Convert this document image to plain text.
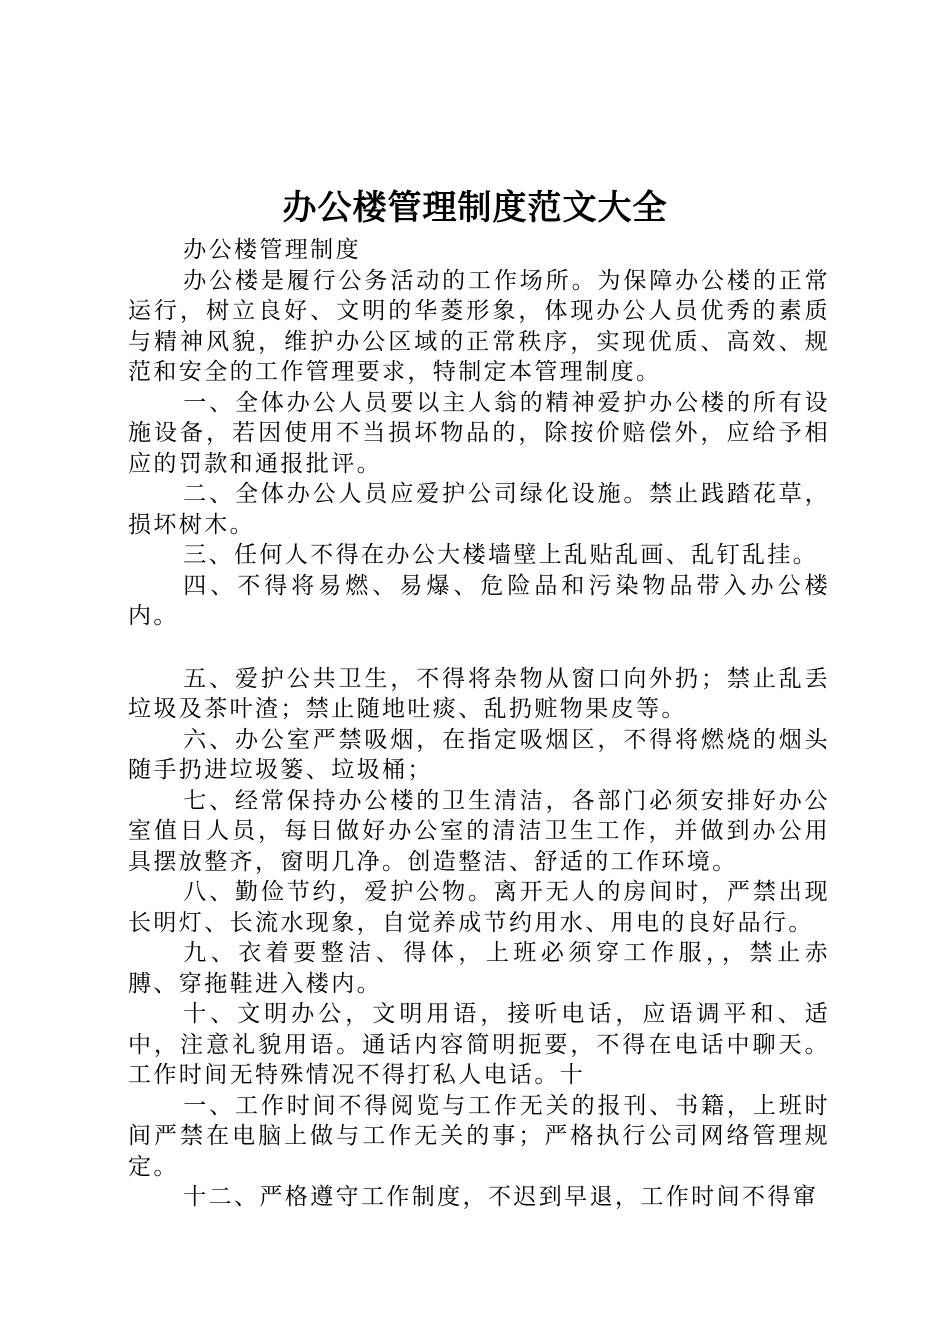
办公楼管理制度范文大全

办公楼管理制度

办公楼是履行公务活动的工作场所。为保障办公楼的正常运行，树立良好、文明的华菱形象，体现办公人员优秀的素质与精神风貌，维护办公区域的正常秩序，实现优质、高效、规范和安全的工作管理要求，特制定本管理制度。

一、全体办公人员要以主人翁的精神爱护办公楼的所有设施设备，若因使用不当损坏物品的，除按价赔偿外，应给予相应的罚款和通报批评。

二、全体办公人员应爱护公司绿化设施。禁止践踏花草，损坏树木。

三、任何人不得在办公大楼墙壁上乱贴乱画、乱钉乱挂。

四、不得将易燃、易爆、危险品和污染物品带入办公楼内。

五、爱护公共卫生，不得将杂物从窗口向外扔；禁止乱丢垃圾及茶叶渣；禁止随地吐痰、乱扔赃物果皮等。

六、办公室严禁吸烟，在指定吸烟区，不得将燃烧的烟头随手扔进垃圾篓、垃圾桶；

七、经常保持办公楼的卫生清洁，各部门必须安排好办公室值日人员，每日做好办公室的清洁卫生工作，并做到办公用具摆放整齐，窗明几净。创造整洁、舒适的工作环境。

八、勤俭节约，爱护公物。离开无人的房间时，严禁出现长明灯、长流水现象，自觉养成节约用水、用电的良好品行。

九、衣着要整洁、得体，上班必须穿工作服，，禁止赤膊、穿拖鞋进入楼内。

十、文明办公，文明用语，接听电话，应语调平和、适中，注意礼貌用语。通话内容简明扼要，不得在电话中聊天。工作时间无特殊情况不得打私人电话。十

一、工作时间不得阅览与工作无关的报刊、书籍，上班时间严禁在电脑上做与工作无关的事；严格执行公司网络管理规定。

十二、严格遵守工作制度，不迟到早退，工作时间不得窜
